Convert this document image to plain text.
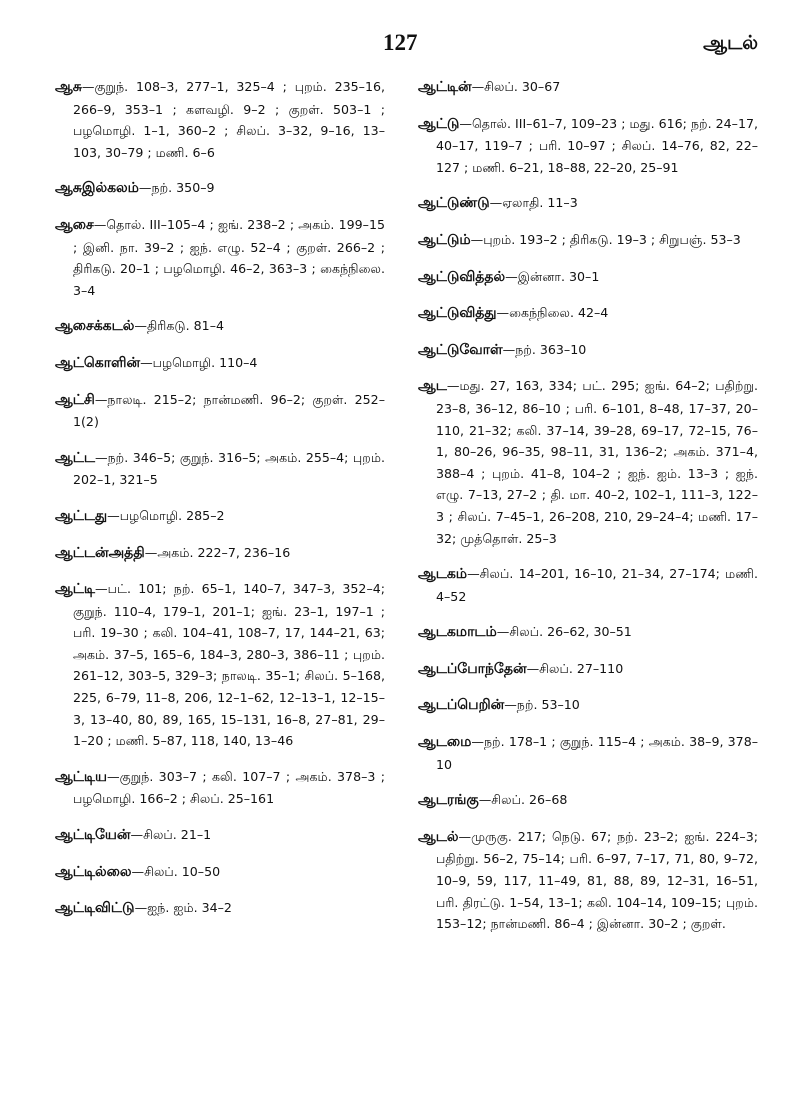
127	ஆடல்

ஆசு—குறுந். 108–3, 277–1, 325–4 ; புறம். 235–16, 266–9, 353–1 ; களவழி. 9–2 ; குறள். 503–1 ; பழமொழி. 1–1, 360–2 ; சிலப். 3–32, 9–16, 13–103, 30–79 ; மணி. 6–6

ஆசுஇல்கலம்—நற். 350–9

ஆசை—தொல். III–105–4 ; ஐங். 238–2 ; அகம். 199–15 ; இனி. நா. 39–2 ; ஐந். எழு. 52–4 ; குறள். 266–2 ; திரிகடு. 20–1 ; பழமொழி. 46–2, 363–3 ; கைந்நிலை. 3–4

ஆசைக்கடல்—திரிகடு. 81–4

ஆட்கொளின்—பழமொழி. 110–4

ஆட்சி—நாலடி. 215–2; நான்மணி. 96–2; குறள். 252–1(2)

ஆட்ட—நற். 346–5; குறுந். 316–5; அகம். 255–4; புறம். 202–1, 321–5

ஆட்டது—பழமொழி. 285–2

ஆட்டன்அத்தி—அகம். 222–7, 236–16

ஆட்டி—பட். 101; நற். 65–1, 140–7, 347–3, 352–4; குறுந். 110–4, 179–1, 201–1; ஐங். 23–1, 197–1 ; பரி. 19–30 ; கலி. 104–41, 108–7, 17, 144–21, 63; அகம். 37–5, 165–6, 184–3, 280–3, 386–11 ; புறம். 261–12, 303–5, 329–3; நாலடி. 35–1; சிலப். 5–168, 225, 6–79, 11–8, 206, 12–1–62, 12–13–1, 12–15–3, 13–40, 80, 89, 165, 15–131, 16–8, 27–81, 29–1–20 ; மணி. 5–87, 118, 140, 13–46

ஆட்டிய—குறுந். 303–7 ; கலி. 107–7 ; அகம். 378–3 ; பழமொழி. 166–2 ; சிலப். 25–161

ஆட்டியேன்—சிலப். 21–1

ஆட்டில்லை—சிலப். 10–50

ஆட்டிவிட்டு—ஐந். ஐம். 34–2

ஆட்டின்—சிலப். 30–67

ஆட்டு—தொல். III–61–7, 109–23 ; மது. 616; நற். 24–17, 40–17, 119–7 ; பரி. 10–97 ; சிலப். 14–76, 82, 22–127 ; மணி. 6–21, 18–88, 22–20, 25–91

ஆட்டுண்டு—ஏலாதி. 11–3

ஆட்டும்—புறம். 193–2 ; திரிகடு. 19–3 ; சிறுபஞ். 53–3

ஆட்டுவித்தல்—இன்னா. 30–1

ஆட்டுவித்து—கைந்நிலை. 42–4

ஆட்டுவோள்—நற். 363–10

ஆட—மது. 27, 163, 334; பட். 295; ஐங். 64–2; பதிற்று. 23–8, 36–12, 86–10 ; பரி. 6–101, 8–48, 17–37, 20–110, 21–32; கலி. 37–14, 39–28, 69–17, 72–15, 76–1, 80–26, 96–35, 98–11, 31, 136–2; அகம். 371–4, 388–4 ; புறம். 41–8, 104–2 ; ஐந். ஐம். 13–3 ; ஐந். எழு. 7–13, 27–2 ; தி. மா. 40–2, 102–1, 111–3, 122–3 ; சிலப். 7–45–1, 26–208, 210, 29–24–4; மணி. 17–32; முத்தொள். 25–3

ஆடகம்—சிலப். 14–201, 16–10, 21–34, 27–174; மணி. 4–52

ஆடகமாடம்—சிலப். 26–62, 30–51

ஆடப்போந்தேன்—சிலப். 27–110

ஆடப்பெறின்—நற். 53–10

ஆடமை—நற். 178–1 ; குறுந். 115–4 ; அகம். 38–9, 378–10

ஆடரங்கு—சிலப். 26–68

ஆடல்—முருகு. 217; நெடு. 67; நற். 23–2; ஐங். 224–3; பதிற்று. 56–2, 75–14; பரி. 6–97, 7–17, 71, 80, 9–72, 10–9, 59, 117, 11–49, 81, 88, 89, 12–31, 16–51, பரி. திரட்டு. 1–54, 13–1; கலி. 104–14, 109–15; புறம். 153–12; நான்மணி. 86–4 ; இன்னா. 30–2 ; குறள்.
